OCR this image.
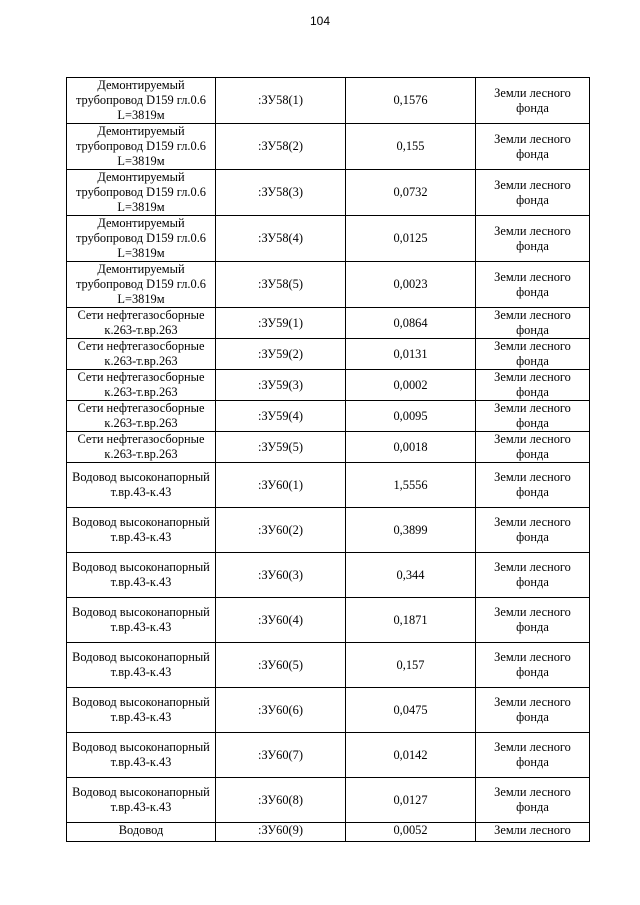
104
Демонтируемый трубопровод D159 гл.0.6 L=3819м	:ЗУ58(1)	0,1576	Земли лесного фонда
Демонтируемый трубопровод D159 гл.0.6 L=3819м	:ЗУ58(2)	0,155	Земли лесного фонда
Демонтируемый трубопровод D159 гл.0.6 L=3819м	:ЗУ58(3)	0,0732	Земли лесного фонда
Демонтируемый трубопровод D159 гл.0.6 L=3819м	:ЗУ58(4)	0,0125	Земли лесного фонда
Демонтируемый трубопровод D159 гл.0.6 L=3819м	:ЗУ58(5)	0,0023	Земли лесного фонда
Сети нефтегазосборные к.263-т.вр.263	:ЗУ59(1)	0,0864	Земли лесного фонда
Сети нефтегазосборные к.263-т.вр.263	:ЗУ59(2)	0,0131	Земли лесного фонда
Сети нефтегазосборные к.263-т.вр.263	:ЗУ59(3)	0,0002	Земли лесного фонда
Сети нефтегазосборные к.263-т.вр.263	:ЗУ59(4)	0,0095	Земли лесного фонда
Сети нефтегазосборные к.263-т.вр.263	:ЗУ59(5)	0,0018	Земли лесного фонда
Водовод высоконапорный т.вр.43-к.43	:ЗУ60(1)	1,5556	Земли лесного фонда
Водовод высоконапорный т.вр.43-к.43	:ЗУ60(2)	0,3899	Земли лесного фонда
Водовод высоконапорный т.вр.43-к.43	:ЗУ60(3)	0,344	Земли лесного фонда
Водовод высоконапорный т.вр.43-к.43	:ЗУ60(4)	0,1871	Земли лесного фонда
Водовод высоконапорный т.вр.43-к.43	:ЗУ60(5)	0,157	Земли лесного фонда
Водовод высоконапорный т.вр.43-к.43	:ЗУ60(6)	0,0475	Земли лесного фонда
Водовод высоконапорный т.вр.43-к.43	:ЗУ60(7)	0,0142	Земли лесного фонда
Водовод высоконапорный т.вр.43-к.43	:ЗУ60(8)	0,0127	Земли лесного фонда
Водовод	:ЗУ60(9)	0,0052	Земли лесного
